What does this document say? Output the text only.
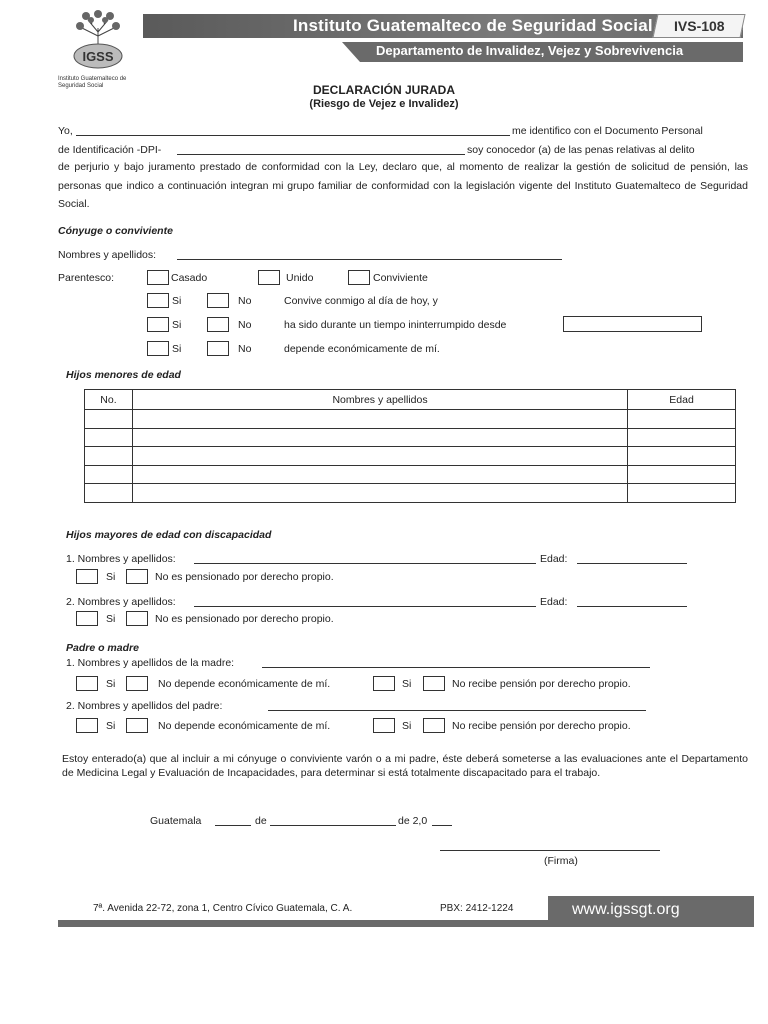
IGSS
Instituto Guatemalteco de Seguridad Social
Instituto Guatemalteco de Seguridad Social	IVS-108
Departamento de Invalidez, Vejez y Sobrevivencia
DECLARACIÓN JURADA
(Riesgo de Vejez e Invalidez)
Yo,	me identifico con el Documento Personal
de Identificación -DPI-	soy conocedor (a) de las penas relativas al delito
de perjurio y bajo juramento prestado de conformidad con la Ley, declaro que, al momento de realizar la gestión de solicitud de pensión, las personas que indico a continuación integran mi grupo familiar de conformidad con la legislación vigente del Instituto Guatemalteco de Seguridad Social.
Cónyuge o conviviente
Nombres y apellidos:
Parentesco:	Casado	Unido	Conviviente
Si	No	Convive conmigo al día de hoy, y
Si	No	ha sido durante un tiempo ininterrumpido desde
Si	No	depende económicamente de mí.
Hijos menores de edad
No.	Nombres y apellidos	Edad

Hijos mayores de edad con discapacidad
1. Nombres y apellidos:	Edad:
Si	No es pensionado por derecho propio.
2. Nombres y apellidos:	Edad:
Si	No es pensionado por derecho propio.
Padre o madre
1. Nombres y apellidos de la madre:
Si	No depende económicamente de mí.	Si	No recibe pensión por derecho propio.
2. Nombres y apellidos del padre:
Si	No depende económicamente de mí.	Si	No recibe pensión por derecho propio.
Estoy enterado(a) que al incluir a mi cónyuge o conviviente varón o a mi padre, éste deberá someterse a las evaluaciones ante el Departamento de Medicina Legal y Evaluación de Incapacidades, para determinar si está totalmente discapacitado para el trabajo.
Guatemala	de	de 2,0
(Firma)
7ª. Avenida 22-72, zona 1, Centro Cívico Guatemala, C. A.	PBX: 2412-1224	www.igssgt.org
